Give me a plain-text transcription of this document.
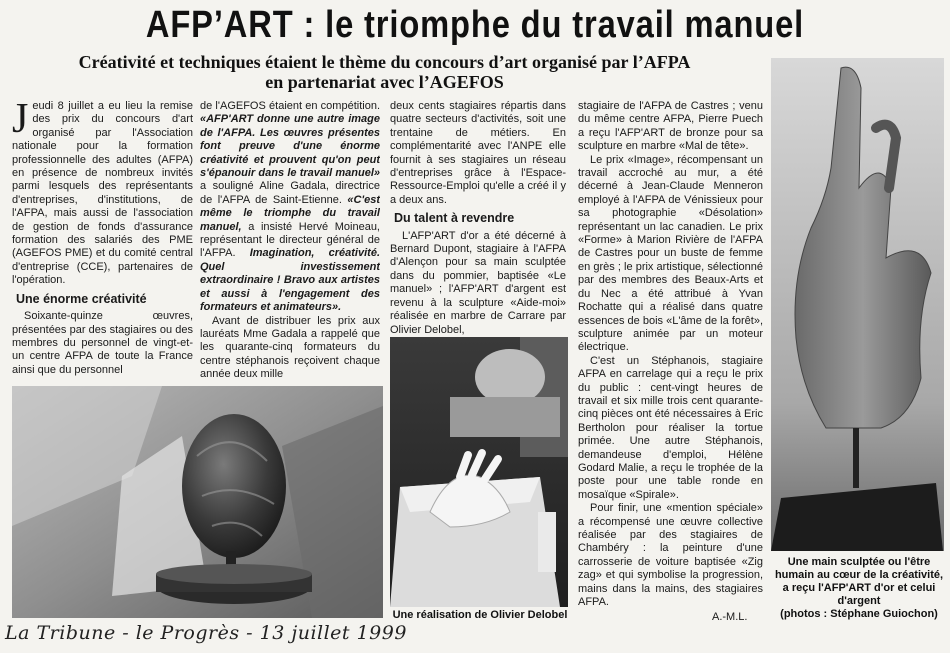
AFP’ART : le triomphe du travail manuel
Créativité et techniques étaient le thème du concours d’art organisé par l’AFPA
en partenariat avec l’AGEFOS

Jeudi 8 juillet a eu lieu la remise des prix du concours d'art organisé par l'Association nationale pour la formation professionnelle des adultes (AFPA) en présence de nombreux invités parmi lesquels des représentants d'entreprises, d'institutions, de l'AFPA, mais aussi de l'association de gestion de fonds d'assurance formation des salariés des PME (AGEFOS PME) et du comité central d'entreprise (CCE), partenaires de l'opération.

Une énorme créativité

Soixante-quinze œuvres, présentées par des stagiaires ou des membres du personnel de vingt-et-un centre AFPA de toute la France ainsi que du personnel

de l'AGEFOS étaient en compétition. «AFP'ART donne une autre image de l'AFPA. Les œuvres présentes font preuve d'une énorme créativité et prouvent qu'on peut s'épanouir dans le travail manuel» a souligné Aline Gadala, directrice de l'AFPA de Saint-Etienne. «C'est même le triomphe du travail manuel, a insisté Hervé Moineau, représentant le directeur général de l'AFPA. Imagination, créativité. Quel investissement extraordinaire ! Bravo aux artistes et aussi à l'engagement des formateurs et animateurs».

Avant de distribuer les prix aux lauréats Mme Gadala a rappelé que les quarante-cinq formateurs du centre stéphanois reçoivent chaque année deux mille

deux cents stagiaires répartis dans quatre secteurs d'activités, soit une trentaine de métiers. En complémentarité avec l'ANPE elle fournit à ses stagiaires un réseau d'entreprises grâce à l'Espace-Ressource-Emploi qu'elle a créé il y a deux ans.

Du talent à revendre

L'AFP'ART d'or a été décerné à Bernard Dupont, stagiaire à l'AFPA d'Alençon pour sa main sculptée dans du pommier, baptisée «Le manuel» ; l'AFP'ART d'argent est revenu à la sculpture «Aide-moi» réalisée en marbre de Carrare par Olivier Delobel,

stagiaire de l'AFPA de Castres ; venu du même centre AFPA, Pierre Puech a reçu l'AFP'ART de bronze pour sa sculpture en marbre «Mal de tête».

Le prix «Image», récompensant un travail accroché au mur, a été décerné à Jean-Claude Menneron employé à l'AFPA de Vénissieux pour sa photographie «Désolation» représentant un lac canadien. Le prix «Forme» à Marion Rivière de l'AFPA de Castres pour un buste de femme en grès ; le prix artistique, sélectionné par des membres des Beaux-Arts et du Nec a été attribué à Yvan Rochatte qui a réalisé dans quatre essences de bois «L'âme de la forêt», sculpture animée par un moteur électrique.

C'est un Stéphanois, stagiaire AFPA en carrelage qui a reçu le prix du public : cent-vingt heures de travail et six mille trois cent quarante-cinq pièces ont été nécessaires à Eric Bertholon pour réaliser la tortue primée. Une autre Stéphanois, demandeuse d'emploi, Hélène Godard Malie, a reçu le trophée de la poste pour une table ronde en mosaïque «Spirale».

Pour finir, une «mention spéciale» a récompensé une œuvre collective réalisée par des stagiaires de Chambéry : la peinture d'une carrosserie de voiture baptisée «Zig zag» et qui symbolise la progression, mains dans la mains, des stagiaires AFPA.

A.-M.L.
Une réalisation de Olivier Delobel
Une main sculptée ou l'être humain au cœur de la créativité, a reçu l'AFP'ART d'or et celui d'argent
(photos : Stéphane Guiochon)
La Tribune - le Progrès - 13 juillet 1999
